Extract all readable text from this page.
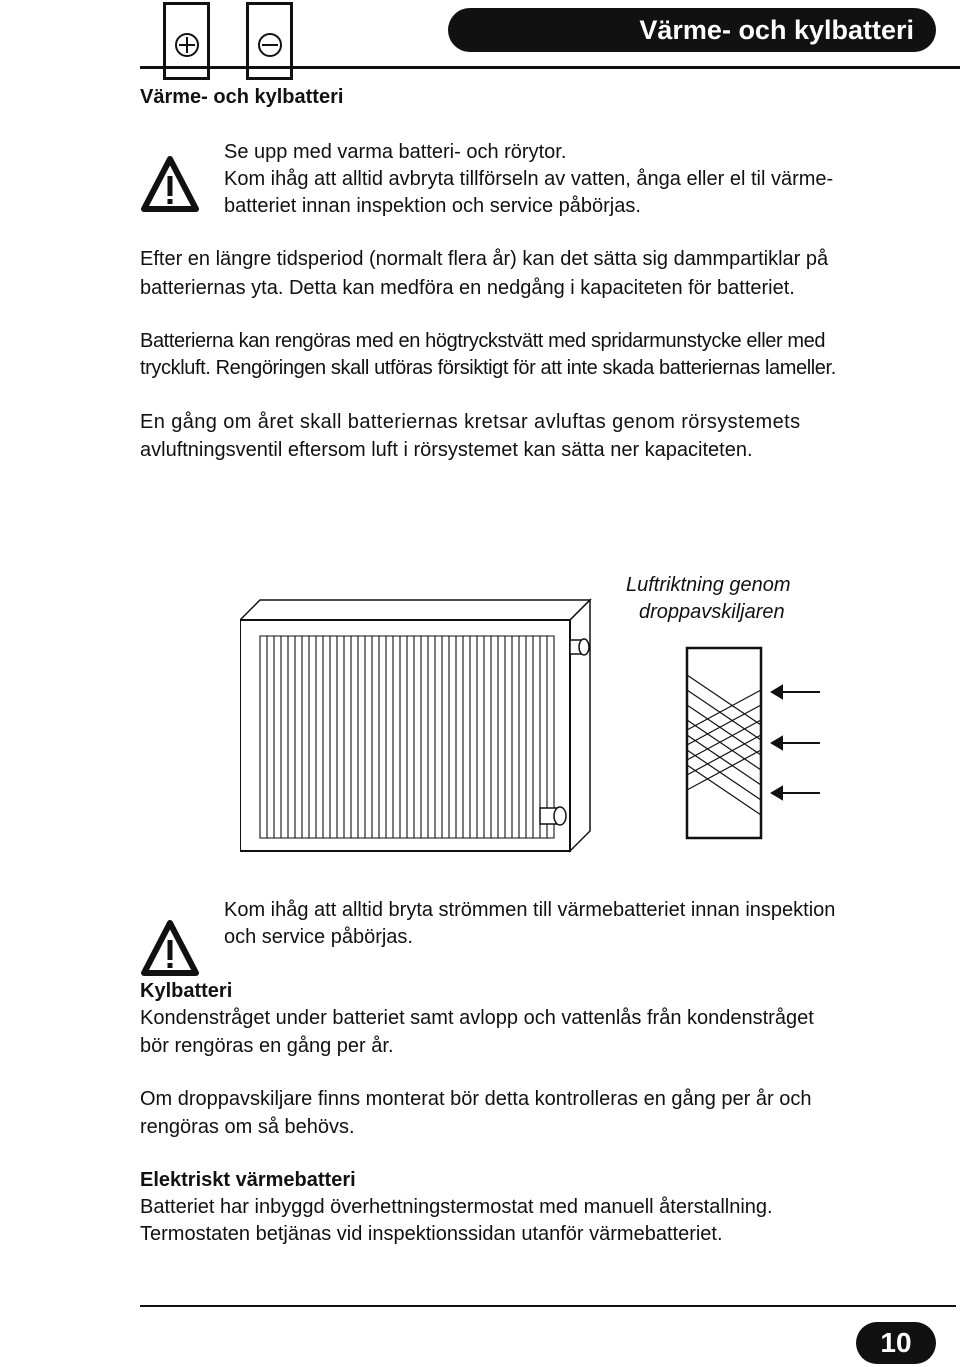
Värme- och kylbatteri
Värme- och kylbatteri
Se upp med varma batteri- och rörytor.
Kom ihåg att alltid avbryta tillförseln av vatten, ånga eller el til värme-
batteriet innan inspektion och service påbörjas.
Efter en längre tidsperiod (normalt flera år) kan det sätta sig dammpartiklar på
batteriernas yta. Detta kan medföra en nedgång i kapaciteten för batteriet.
Batterierna kan rengöras med en högtryckstvätt med spridarmunstycke eller med
tryckluft. Rengöringen skall utföras försiktigt för att inte skada batteriernas lameller.
En gång om året skall batteriernas kretsar avluftas genom rörsystemets
avluftningsventil eftersom luft i rörsystemet kan sätta ner kapaciteten.
Luftriktning genom
droppavskiljaren
Kom ihåg att alltid bryta strömmen till värmebatteriet innan inspektion
och service påbörjas.
Kylbatteri
Kondenstråget under batteriet samt avlopp och vattenlås från kondenstråget
bör rengöras en gång per år.
Om droppavskiljare finns monterat bör detta kontrolleras en gång per år och
rengöras om så behövs.
Elektriskt värmebatteri
Batteriet har inbyggd överhettningstermostat med manuell återstallning.
Termostaten betjänas vid inspektionssidan utanför värmebatteriet.
10
